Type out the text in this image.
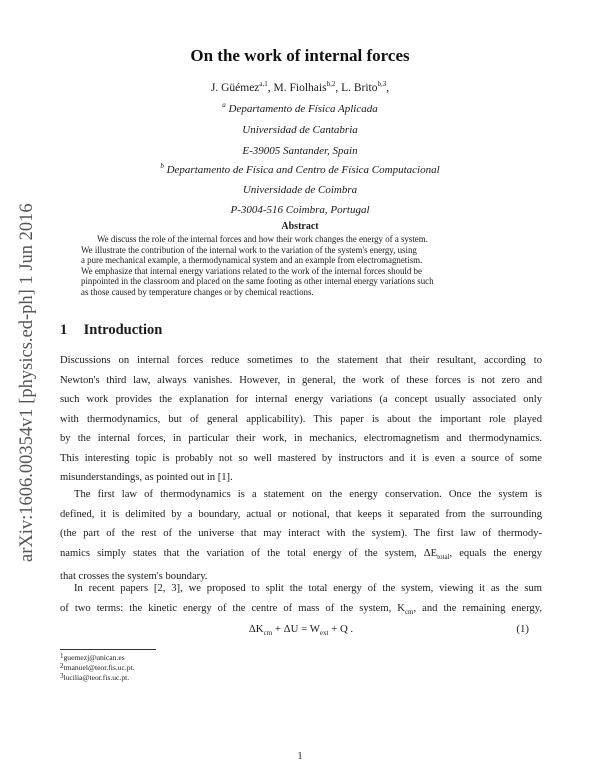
arXiv:1606.00354v1 [physics.ed-ph] 1 Jun 2016
On the work of internal forces
J. Güémez$^{a,1}$, M. Fiolhais$^{b,2}$, L. Brito$^{b,3}$,
$^a$ Departamento de Física Aplicada
Universidad de Cantabria
E-39005 Santander, Spain
$^b$ Departamento de Física and Centro de Física Computacional
Universidade de Coimbra
P-3004-516 Coimbra, Portugal
Abstract
We discuss the role of the internal forces and how their work changes the energy of a system.
We illustrate the contribution of the internal work to the variation of the system's energy, using
a pure mechanical example, a thermodynamical system and an example from electromagnetism.
We emphasize that internal energy variations related to the work of the internal forces should be
pinpointed in the classroom and placed on the same footing as other internal energy variations such
as those caused by temperature changes or by chemical reactions.
1 Introduction
Discussions on internal forces reduce sometimes to the statement that their resultant, according to
Newton's third law, always vanishes. However, in general, the work of these forces is not zero and
such work provides the explanation for internal energy variations (a concept usually associated only
with thermodynamics, but of general applicability). This paper is about the important role played
by the internal forces, in particular their work, in mechanics, electromagnetism and thermodynamics.
This interesting topic is probably not so well mastered by instructors and it is even a source of some
misunderstandings, as pointed out in [1].
The first law of thermodynamics is a statement on the energy conservation. Once the system is
defined, it is delimited by a boundary, actual or notional, that keeps it separated from the surrounding
(the part of the rest of the universe that may interact with the system). The first law of thermody-
namics simply states that the variation of the total energy of the system, $\Delta E_{total}$, equals the energy
that crosses the system's boundary.
In recent papers [2, 3], we proposed to split the total energy of the system, viewing it as the sum
of two terms: the kinetic energy of the centre of mass of the system, $K_{cm}$, and the remaining energy,
$\Delta K_{cm} + \Delta U = W_{ext} + Q$ .	(1)
$^1$guemezj@unican.es
$^2$tmanuel@teor.fis.uc.pt.
$^3$lucilia@teor.fis.uc.pt.
1
